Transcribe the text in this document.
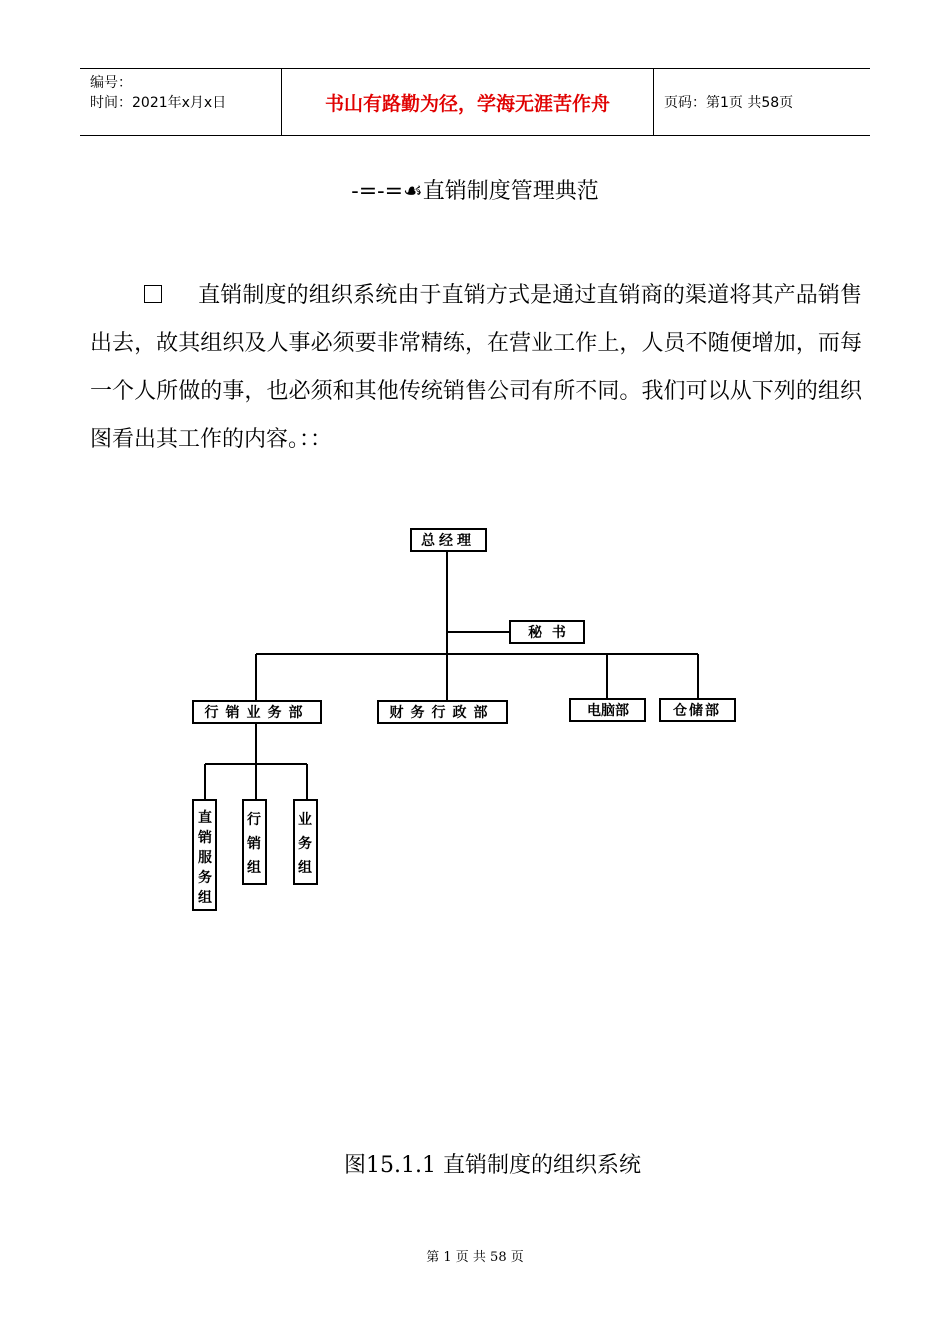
编号：
时间：2021年x月x日	书山有路勤为径，学海无涯苦作舟	页码：第1页 共58页
-=-=☙直销制度管理典范
直销制度的组织系统由于直销方式是通过直销商的渠道将其产品销售出去，故其组织及人事必须要非常精练，在营业工作上，人员不随便增加，而每一个人所做的事，也必须和其他传统销售公司有所不同。我们可以从下列的组织图看出其工作的内容。：：
总经理
秘  书
行销业务部	财务行政部	电脑部	仓储部
直销服务组
行销组
业务组
图15.1.1 直销制度的组织系统
第 1 页 共 58 页
